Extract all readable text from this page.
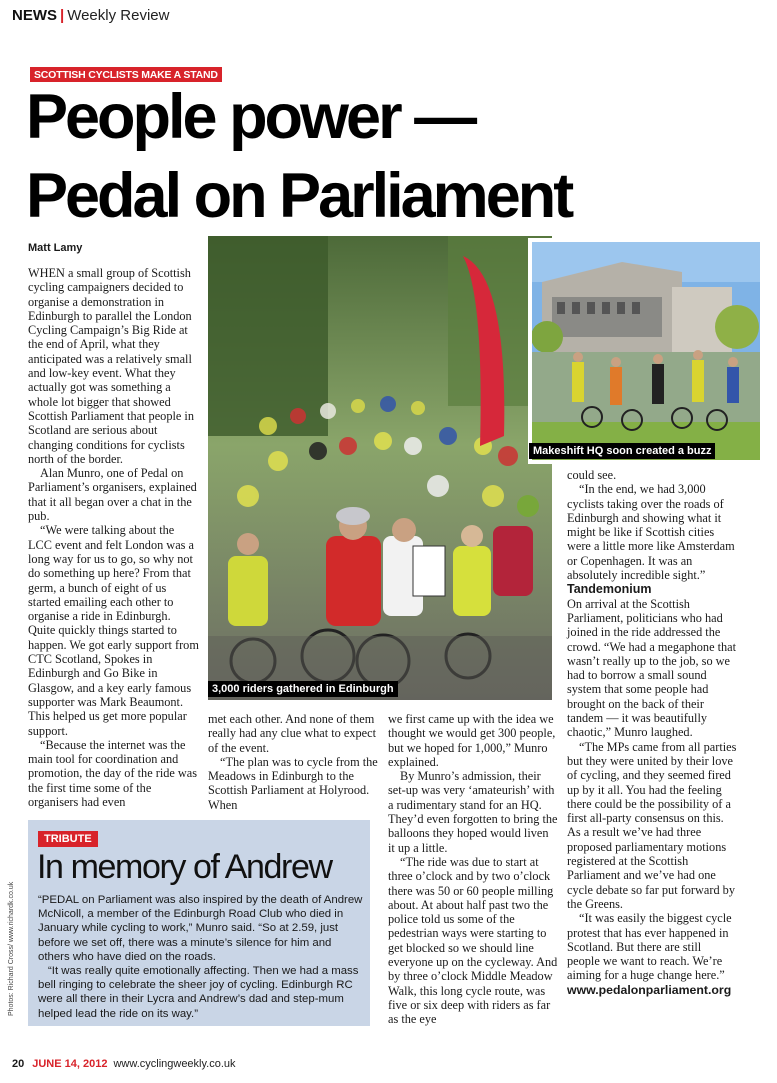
NEWS | Weekly Review
SCOTTISH CYCLISTS MAKE A STAND
People power —
Pedal on Parliament
Matt Lamy

WHEN a small group of Scottish cycling campaigners decided to organise a demonstration in Edinburgh to parallel the London Cycling Campaign’s Big Ride at the end of April, what they anticipated was a relatively small and low-key event. What they actually got was something a whole lot bigger that showed Scottish Parliament that people in Scotland are serious about changing conditions for cyclists north of the border.

Alan Munro, one of Pedal on Parliament’s organisers, explained that it all began over a chat in the pub.

“We were talking about the LCC event and felt London was a long way for us to go, so why not do something up here? From that germ, a bunch of eight of us started emailing each other to organise a ride in Edinburgh. Quite quickly things started to happen. We got early support from CTC Scotland, Spokes in Edinburgh and Go Bike in Glasgow, and a key early famous supporter was Mark Beaumont. This helped us get more popular support.

“Because the internet was the main tool for coordination and promotion, the day of the ride was the first time some of the organisers had even

3,000 riders gathered in Edinburgh
Makeshift HQ soon created a buzz

met each other. And none of them really had any clue what to expect of the event.

“The plan was to cycle from the Meadows in Edinburgh to the Scottish Parliament at Holyrood. When

we first came up with the idea we thought we would get 300 people, but we hoped for 1,000,” Munro explained.

By Munro’s admission, their set-up was very ‘amateurish’ with a rudimentary stand for an HQ. They’d even forgotten to bring the balloons they hoped would liven it up a little.

“The ride was due to start at three o’clock and by two o’clock there was 50 or 60 people milling about. At about half past two the police told us some of the pedestrian ways were starting to get blocked so we should line everyone up on the cycleway. And by three o’clock Middle Meadow Walk, this long cycle route, was five or six deep with riders as far as the eye

could see.

“In the end, we had 3,000 cyclists taking over the roads of Edinburgh and showing what it might be like if Scottish cities were a little more like Amsterdam or Copenhagen. It was an absolutely incredible sight.”

Tandemonium

On arrival at the Scottish Parliament, politicians who had joined in the ride addressed the crowd. “We had a megaphone that wasn’t really up to the job, so we had to borrow a small sound system that some people had brought on the back of their tandem — it was beautifully chaotic,” Munro laughed.

“The MPs came from all parties but they were united by their love of cycling, and they seemed fired up by it all. You had the feeling there could be the possibility of a first all-party consensus on this. As a result we’ve had three proposed parliamentary motions registered at the Scottish Parliament and we’ve had one cycle debate so far put forward by the Greens.

“It was easily the biggest cycle protest that has ever happened in Scotland. But there are still people we want to reach. We’re aiming for a huge change here.”

www.pedalonparliament.org

TRIBUTE
In memory of Andrew

“PEDAL on Parliament was also inspired by the death of Andrew McNicoll, a member of the Edinburgh Road Club who died in January while cycling to work,” Munro said. “So at 2.59, just before we set off, there was a minute’s silence for him and others who have died on the roads.

“It was really quite emotionally affecting. Then we had a mass bell ringing to celebrate the sheer joy of cycling. Edinburgh RC were all there in their Lycra and Andrew’s dad and step-mum helped lead the ride on its way.”

Photos: Richard Cross/ www.richardk.co.uk
20 JUNE 14, 2012 www.cyclingweekly.co.uk
